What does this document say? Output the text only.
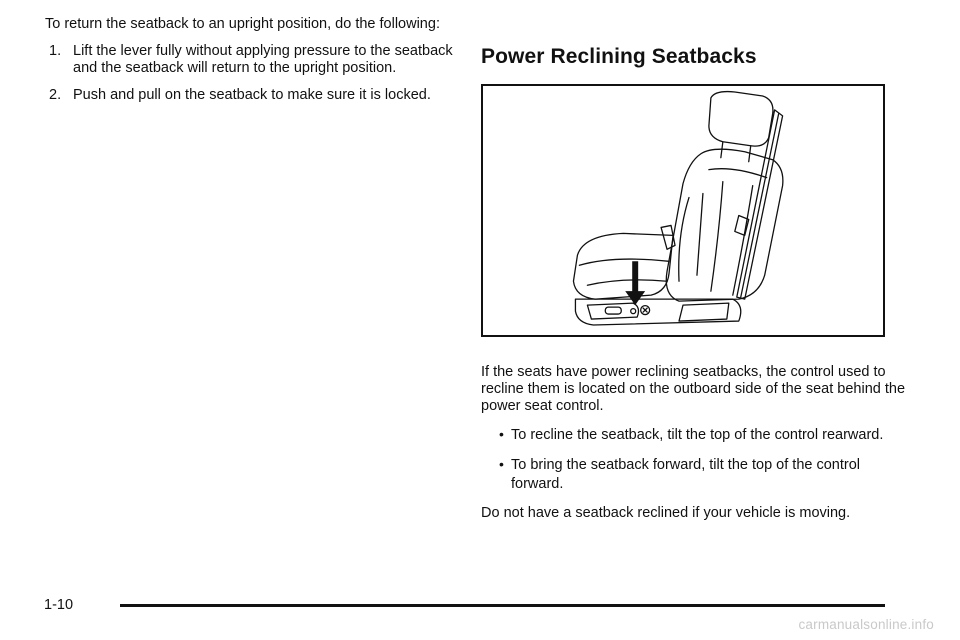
To return the seatback to an upright position, do the following:

1. Lift the lever fully without applying pressure to the seatback and the seatback will return to the upright position.
2. Push and pull on the seatback to make sure it is locked.
Power Reclining Seatbacks

If the seats have power reclining seatbacks, the control used to recline them is located on the outboard side of the seat behind the power seat control.

• To recline the seatback, tilt the top of the control rearward.
• To bring the seatback forward, tilt the top of the control forward.

Do not have a seatback reclined if your vehicle is moving.

1-10
carmanualsonline.info
